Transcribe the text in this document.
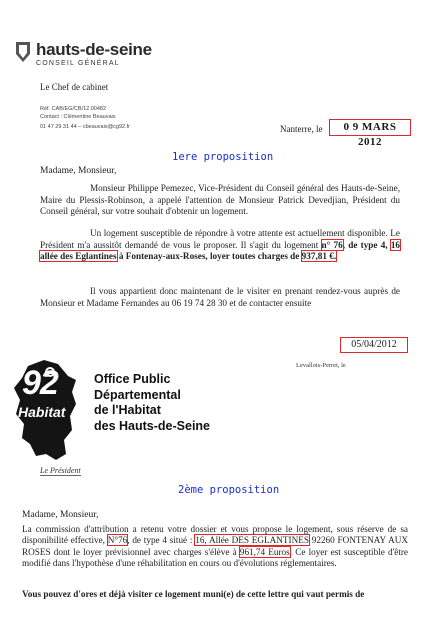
hauts-de-seine
CONSEIL GÉNÉRAL
Le Chef de cabinet
Réf. CAB/EG/CB/12.00482
Contact : Clémentine Beauvais
01 47 29 31 44 – cbeauvais@cg92.fr	Nanterre, le	0 9 MARS 2012
1ere proposition
Madame, Monsieur,
Monsieur Philippe Pemezec, Vice-Président du Conseil général des Hauts-de-Seine, Maire du Plessis-Robinson, a appelé l'attention de Monsieur Patrick Devedjian, Président du Conseil général, sur votre souhait d'obtenir un logement.
Un logement susceptible de répondre à votre attente est actuellement disponible. Le Président m'a aussitôt demandé de vous le proposer. Il s'agit du logement n° 76, de type 4, 16 allée des Eglantines à Fontenay-aux-Roses, loyer toutes charges de 937,81 €.
Il vous appartient donc maintenant de le visiter en prenant rendez-vous auprès de Monsieur et Madame Fernandes au 06 19 74 28 30 et de contacter ensuite
05/04/2012
Levallois-Perret, le
92
Habitat
Office Public
Départemental
de l'Habitat
des Hauts-de-Seine
Le Président
2ème proposition
Madame, Monsieur,
La commission d'attribution a retenu votre dossier et vous propose le logement, sous réserve de sa disponibilité effective, N°76, de type 4 situé : 16, Allée DES EGLANTINES 92260 FONTENAY AUX ROSES dont le loyer prévisionnel avec charges s'élève à 961,74 Euros. Ce loyer est susceptible d'être modifié dans l'hypothèse d'une réhabilitation en cours ou d'évolutions réglementaires.
Vous pouvez d'ores et déjà visiter ce logement muni(e) de cette lettre qui vaut permis de
